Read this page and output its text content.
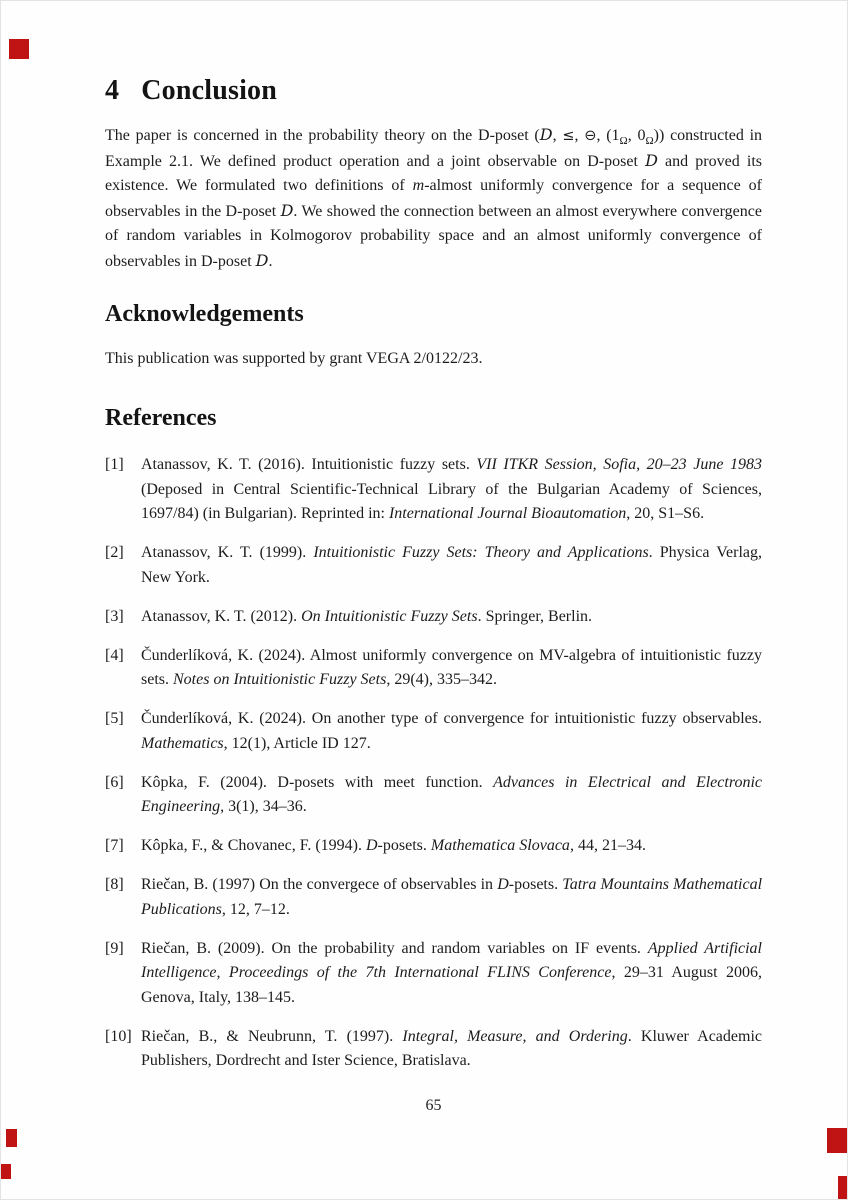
4 Conclusion

The paper is concerned in the probability theory on the D-poset (D, ≤, ⊖, ($1_\Omega$, $0_\Omega$)) constructed in Example 2.1. We defined product operation and a joint observable on D-poset D and proved its existence. We formulated two definitions of m-almost uniformly convergence for a sequence of observables in the D-poset D. We showed the connection between an almost everywhere convergence of random variables in Kolmogorov probability space and an almost uniformly convergence of observables in D-poset D.

Acknowledgements

This publication was supported by grant VEGA 2/0122/23.

References
[1] Atanassov, K. T. (2016). Intuitionistic fuzzy sets. VII ITKR Session, Sofia, 20–23 June 1983 (Deposed in Central Scientific-Technical Library of the Bulgarian Academy of Sciences, 1697/84) (in Bulgarian). Reprinted in: International Journal Bioautomation, 20, S1–S6.
[2] Atanassov, K. T. (1999). Intuitionistic Fuzzy Sets: Theory and Applications. Physica Verlag, New York.
[3] Atanassov, K. T. (2012). On Intuitionistic Fuzzy Sets. Springer, Berlin.
[4] Čunderlíková, K. (2024). Almost uniformly convergence on MV-algebra of intuitionistic fuzzy sets. Notes on Intuitionistic Fuzzy Sets, 29(4), 335–342.
[5] Čunderlíková, K. (2024). On another type of convergence for intuitionistic fuzzy observables. Mathematics, 12(1), Article ID 127.
[6] Kôpka, F. (2004). D-posets with meet function. Advances in Electrical and Electronic Engineering, 3(1), 34–36.
[7] Kôpka, F., & Chovanec, F. (1994). D-posets. Mathematica Slovaca, 44, 21–34.
[8] Riečan, B. (1997) On the convergece of observables in D-posets. Tatra Mountains Mathematical Publications, 12, 7–12.
[9] Riečan, B. (2009). On the probability and random variables on IF events. Applied Artificial Intelligence, Proceedings of the 7th International FLINS Conference, 29–31 August 2006, Genova, Italy, 138–145.
[10] Riečan, B., & Neubrunn, T. (1997). Integral, Measure, and Ordering. Kluwer Academic Publishers, Dordrecht and Ister Science, Bratislava.
65
